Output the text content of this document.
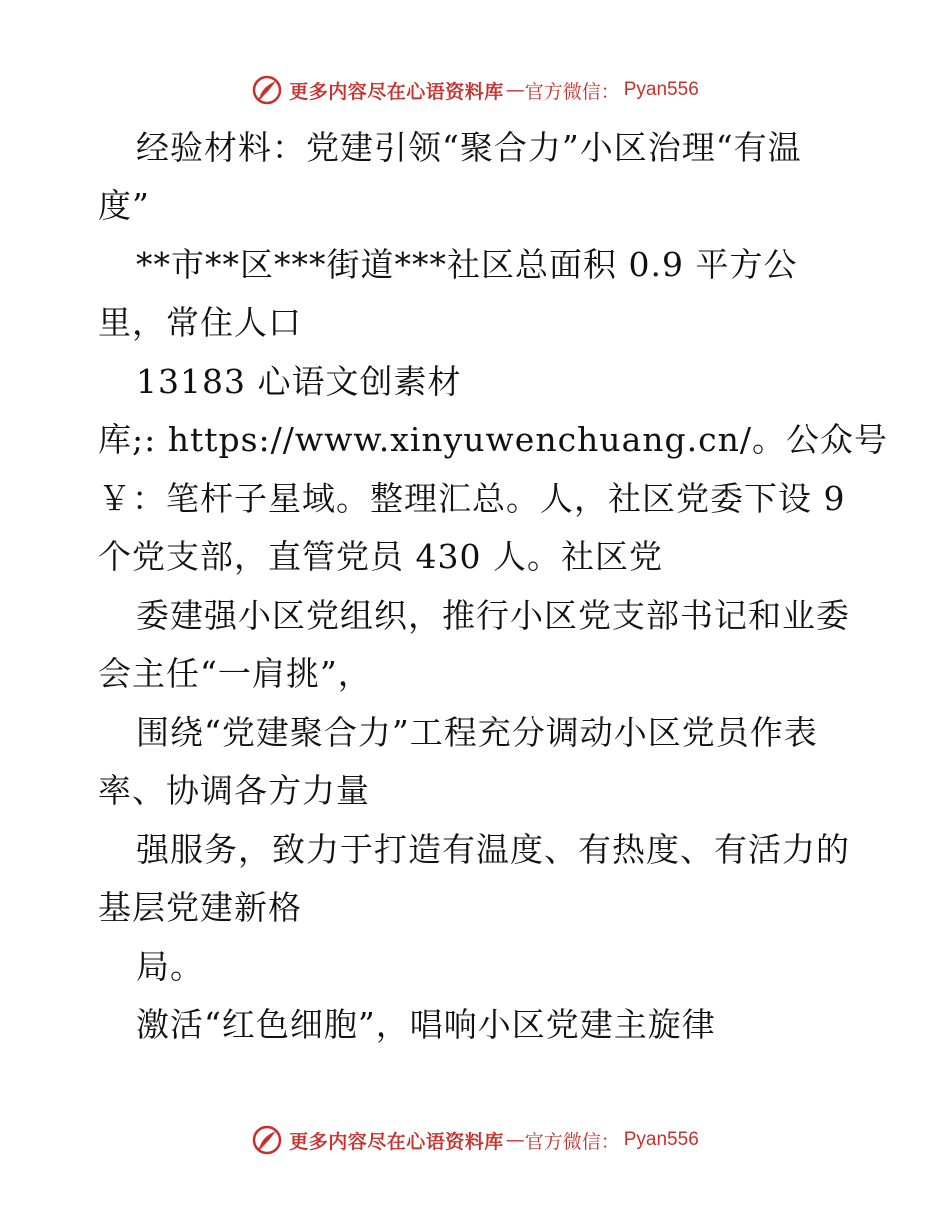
更多内容尽在心语资料库 — 官方微信： Pyan556
经验材料：党建引领“聚合力”小区治理“有温
度”
**市**区***街道***社区总面积 0.9 平方公
里，常住人口
13183 心语文创素材
库;: https://www.xinyuwenchuang.cn/。公众号
￥：笔杆子星域。整理汇总。人，社区党委下设 9
个党支部，直管党员 430 人。社区党
委建强小区党组织，推行小区党支部书记和业委
会主任“一肩挑”，
围绕“党建聚合力”工程充分调动小区党员作表
率、协调各方力量
强服务，致力于打造有温度、有热度、有活力的
基层党建新格
局。
激活“红色细胞”，唱响小区党建主旋律
更多内容尽在心语资料库 — 官方微信： Pyan556
